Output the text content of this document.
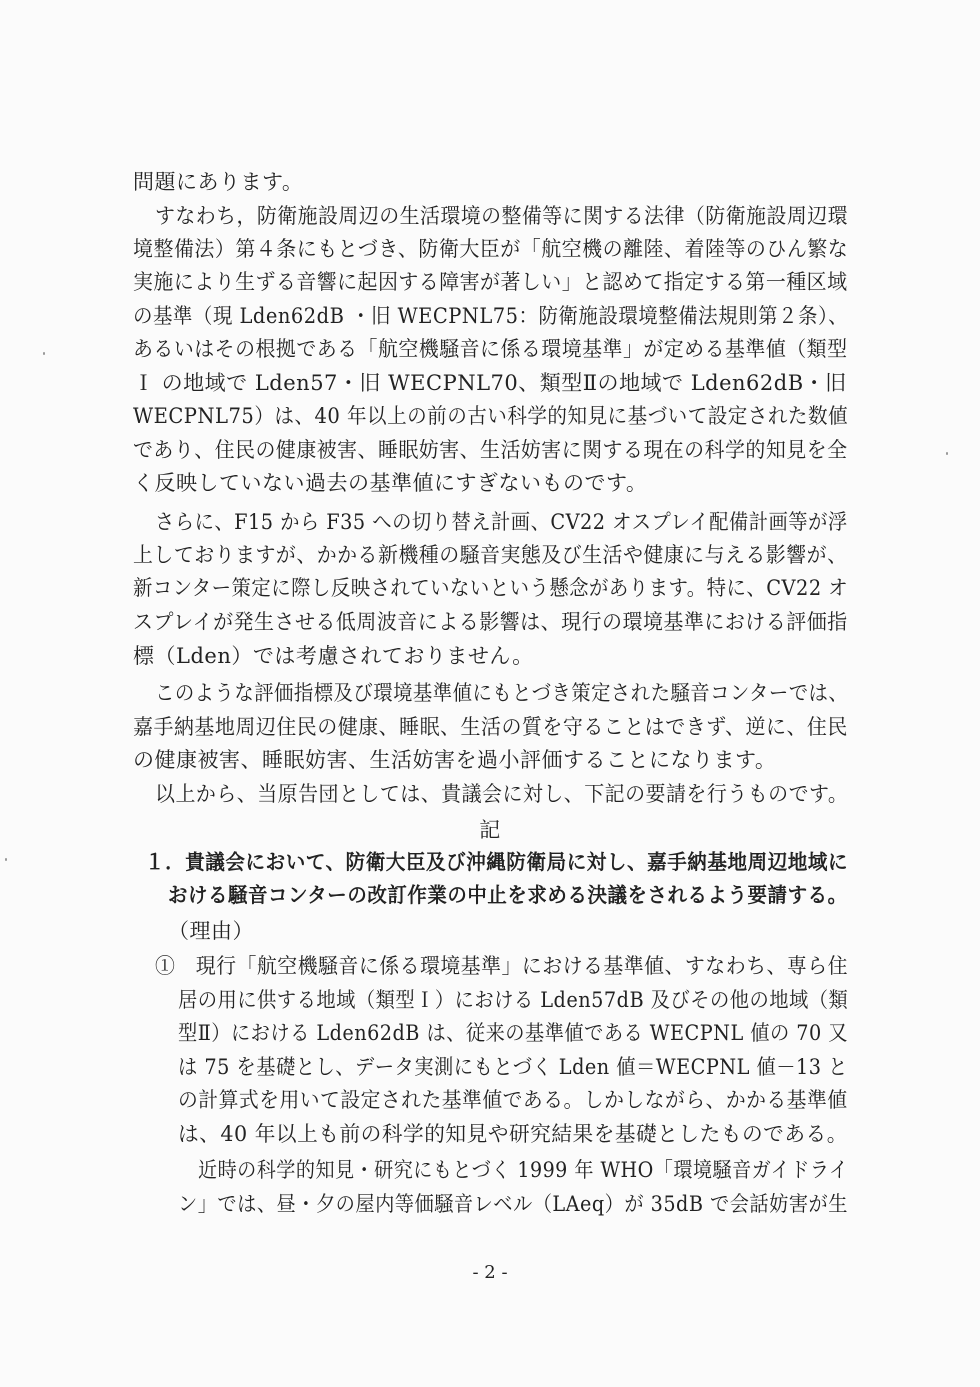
問題にあります。
すなわち，防衛施設周辺の生活環境の整備等に関する法律（防衛施設周辺環
境整備法）第４条にもとづき、防衛大臣が「航空機の離陸、着陸等のひん繁な
実施により生ずる音響に起因する障害が著しい」と認めて指定する第一種区域
の基準（現 Lden62dB ・旧 WECPNL75：防衛施設環境整備法規則第２条）、
あるいはその根拠である「航空機騒音に係る環境基準」が定める基準値（類型
Ｉ の地域で Lden57・旧 WECPNL70、類型Ⅱの地域で Lden62dB・旧
WECPNL75）は、40 年以上の前の古い科学的知見に基づいて設定された数値
であり、住民の健康被害、睡眠妨害、生活妨害に関する現在の科学的知見を全
く反映していない過去の基準値にすぎないものです。
さらに、F15 から F35 への切り替え計画、CV22 オスプレイ配備計画等が浮
上しておりますが、かかる新機種の騒音実態及び生活や健康に与える影響が、
新コンター策定に際し反映されていないという懸念があります。特に、CV22 オ
スプレイが発生させる低周波音による影響は、現行の環境基準における評価指
標（Lden）では考慮されておりません。
このような評価指標及び環境基準値にもとづき策定された騒音コンターでは、
嘉手納基地周辺住民の健康、睡眠、生活の質を守ることはできず、逆に、住民
の健康被害、睡眠妨害、生活妨害を過小評価することになります。
以上から、当原告団としては、貴議会に対し、下記の要請を行うものです。
記
１．貴議会において、防衛大臣及び沖縄防衛局に対し、嘉手納基地周辺地域に
おける騒音コンターの改訂作業の中止を求める決議をされるよう要請する。
（理由）
①　現行「航空機騒音に係る環境基準」における基準値、すなわち、専ら住
居の用に供する地域（類型Ｉ）における Lden57dB 及びその他の地域（類
型Ⅱ）における Lden62dB は、従来の基準値である WECPNL 値の 70 又
は 75 を基礎とし、データ実測にもとづく Lden 値＝WECPNL 値－13 と
の計算式を用いて設定された基準値である。しかしながら、かかる基準値
は、40 年以上も前の科学的知見や研究結果を基礎としたものである。
近時の科学的知見・研究にもとづく 1999 年 WHO「環境騒音ガイドライ
ン」では、昼・夕の屋内等価騒音レベル（LAeq）が 35dB で会話妨害が生
- 2 -
